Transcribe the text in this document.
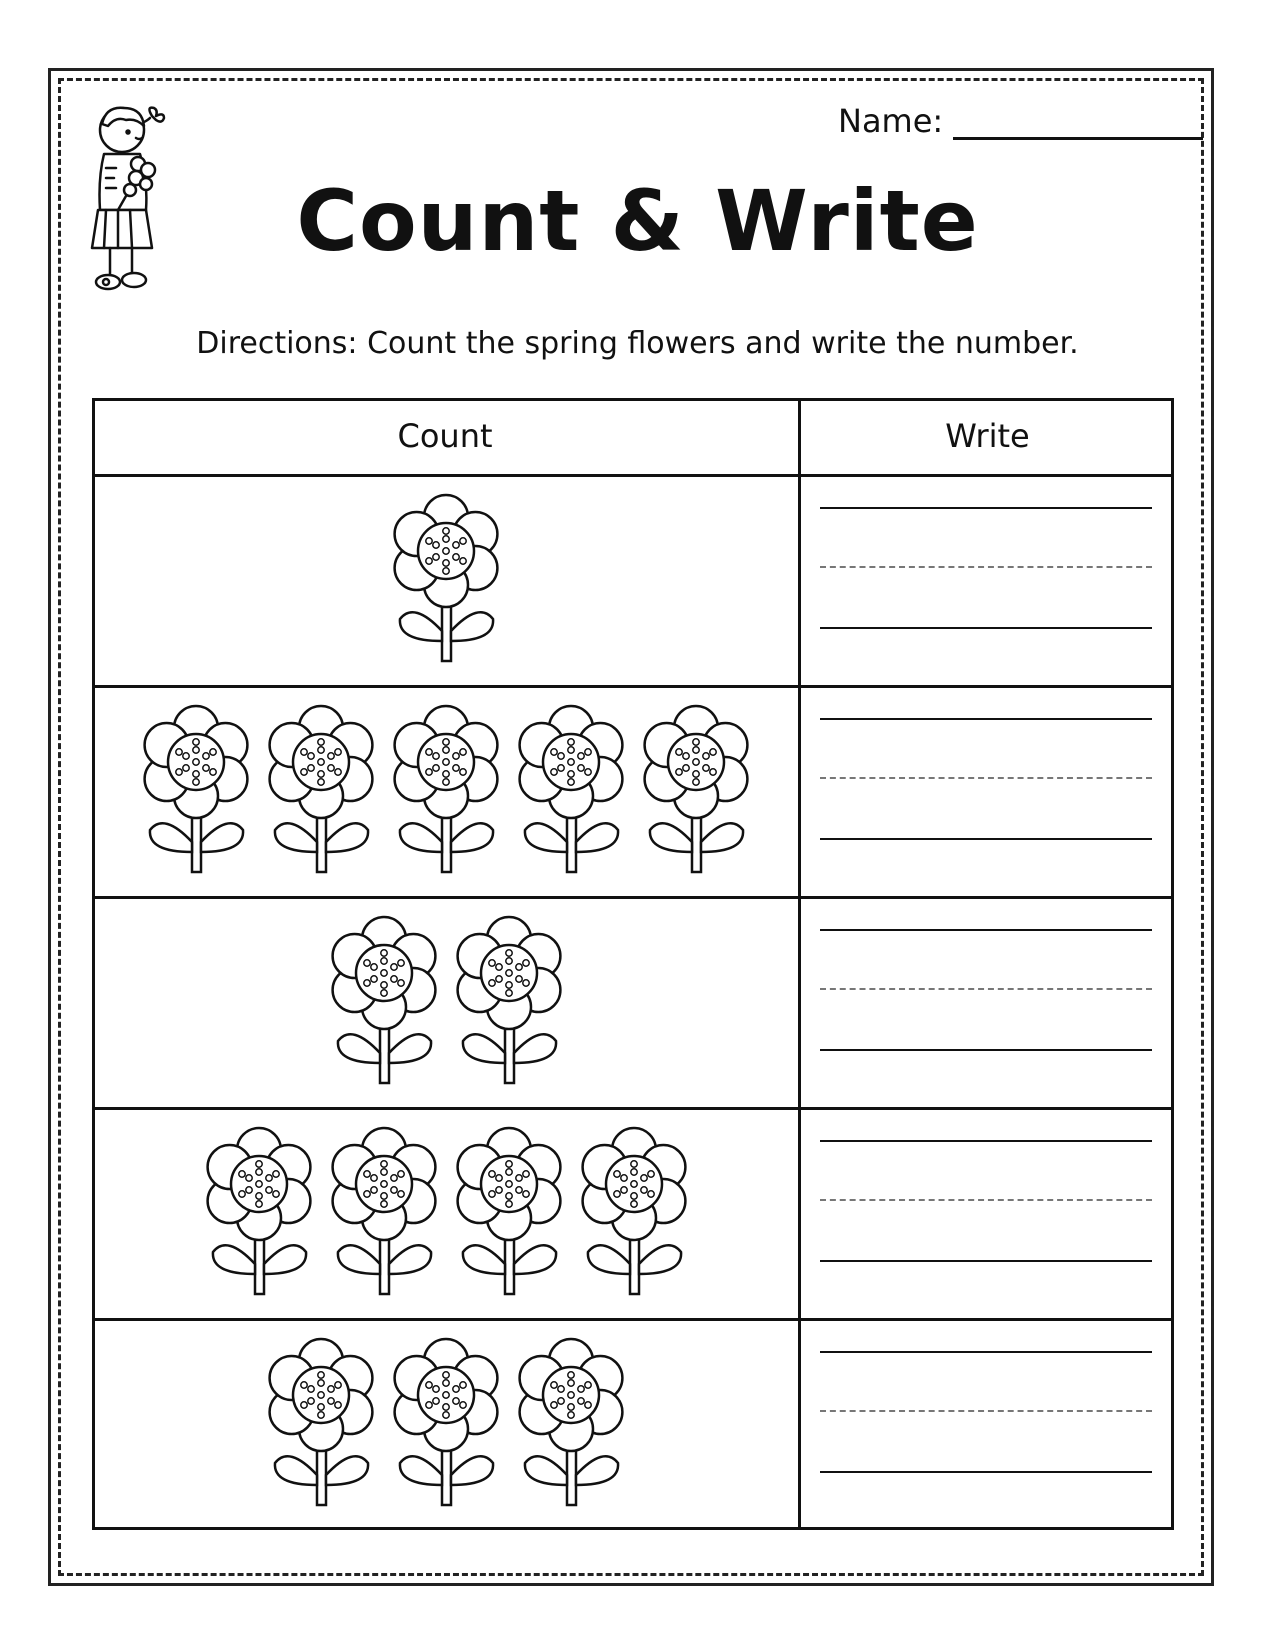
Name:
Count & Write
Directions: Count the spring flowers and write the number.
Count	Write
